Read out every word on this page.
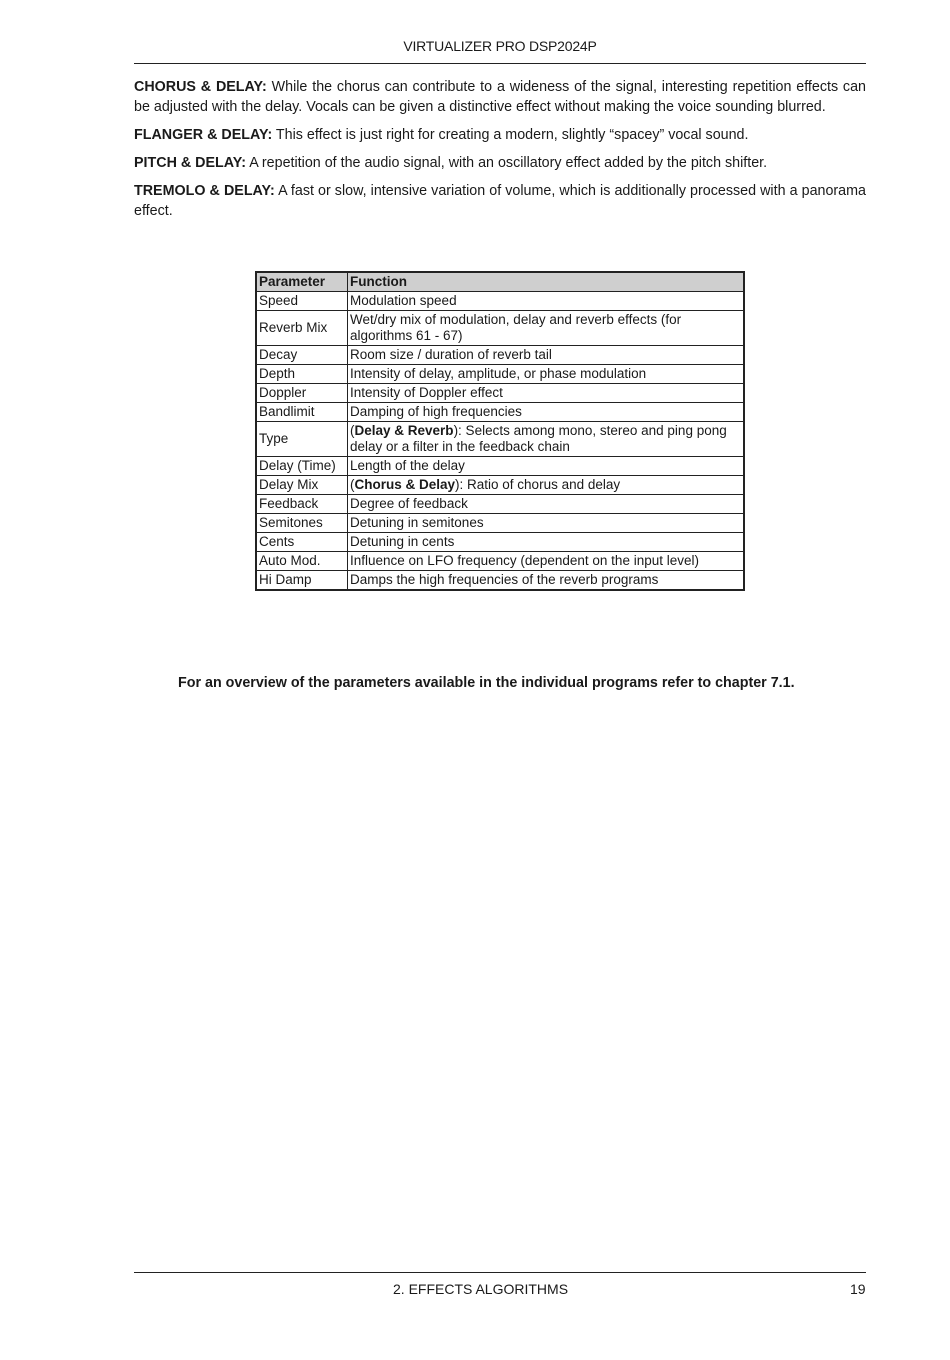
VIRTUALIZER PRO DSP2024P

CHORUS & DELAY: While the chorus can contribute to a wideness of the signal, interesting repetition effects can be adjusted with the delay. Vocals can be given a distinctive effect without making the voice sounding blurred.

FLANGER & DELAY: This effect is just right for creating a modern, slightly “spacey” vocal sound.

PITCH & DELAY: A repetition of the audio signal, with an oscillatory effect added by the pitch shifter.

TREMOLO & DELAY: A fast or slow, intensive variation of volume, which is additionally processed with a panorama effect.

Parameter	Function
Speed	Modulation speed
Reverb Mix	Wet/dry mix of modulation, delay and reverb effects (for algorithms 61 - 67)
Decay	Room size / duration of reverb tail
Depth	Intensity of delay, amplitude, or phase modulation
Doppler	Intensity of Doppler effect
Bandlimit	Damping of high frequencies
Type	(Delay & Reverb): Selects among mono, stereo and ping pong delay or a filter in the feedback chain
Delay (Time)	Length of the delay
Delay Mix	(Chorus & Delay): Ratio of chorus and delay
Feedback	Degree of feedback
Semitones	Detuning in semitones
Cents	Detuning in cents
Auto Mod.	Influence on LFO frequency (dependent on the input level)
Hi Damp	Damps the high frequencies of the reverb programs
For an overview of the parameters available in the individual programs refer to chapter 7.1.
2. EFFECTS ALGORITHMS	19
